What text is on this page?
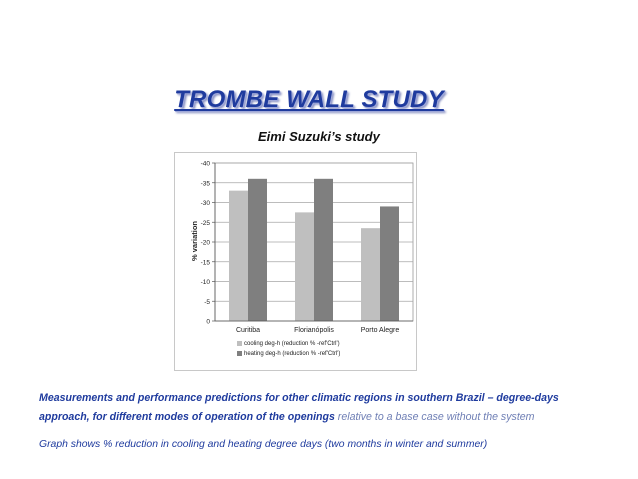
TROMBE WALL STUDY
Eimi Suzuki’s study
-40
-35
-30
-25
-20
-15
-10
-5
0
Curitiba	Florianópolis	Porto Alegre
% variation
cooling deg-h (reduction % -ref'Ctrl')
heating deg-h (reduction % -ref'Ctrl')
Measurements and performance predictions for other climatic regions in southern Brazil – degree-days approach, for different modes of operation of the openings relative to a base case without the system
Graph shows % reduction in cooling and heating degree days (two months in winter and summer)
